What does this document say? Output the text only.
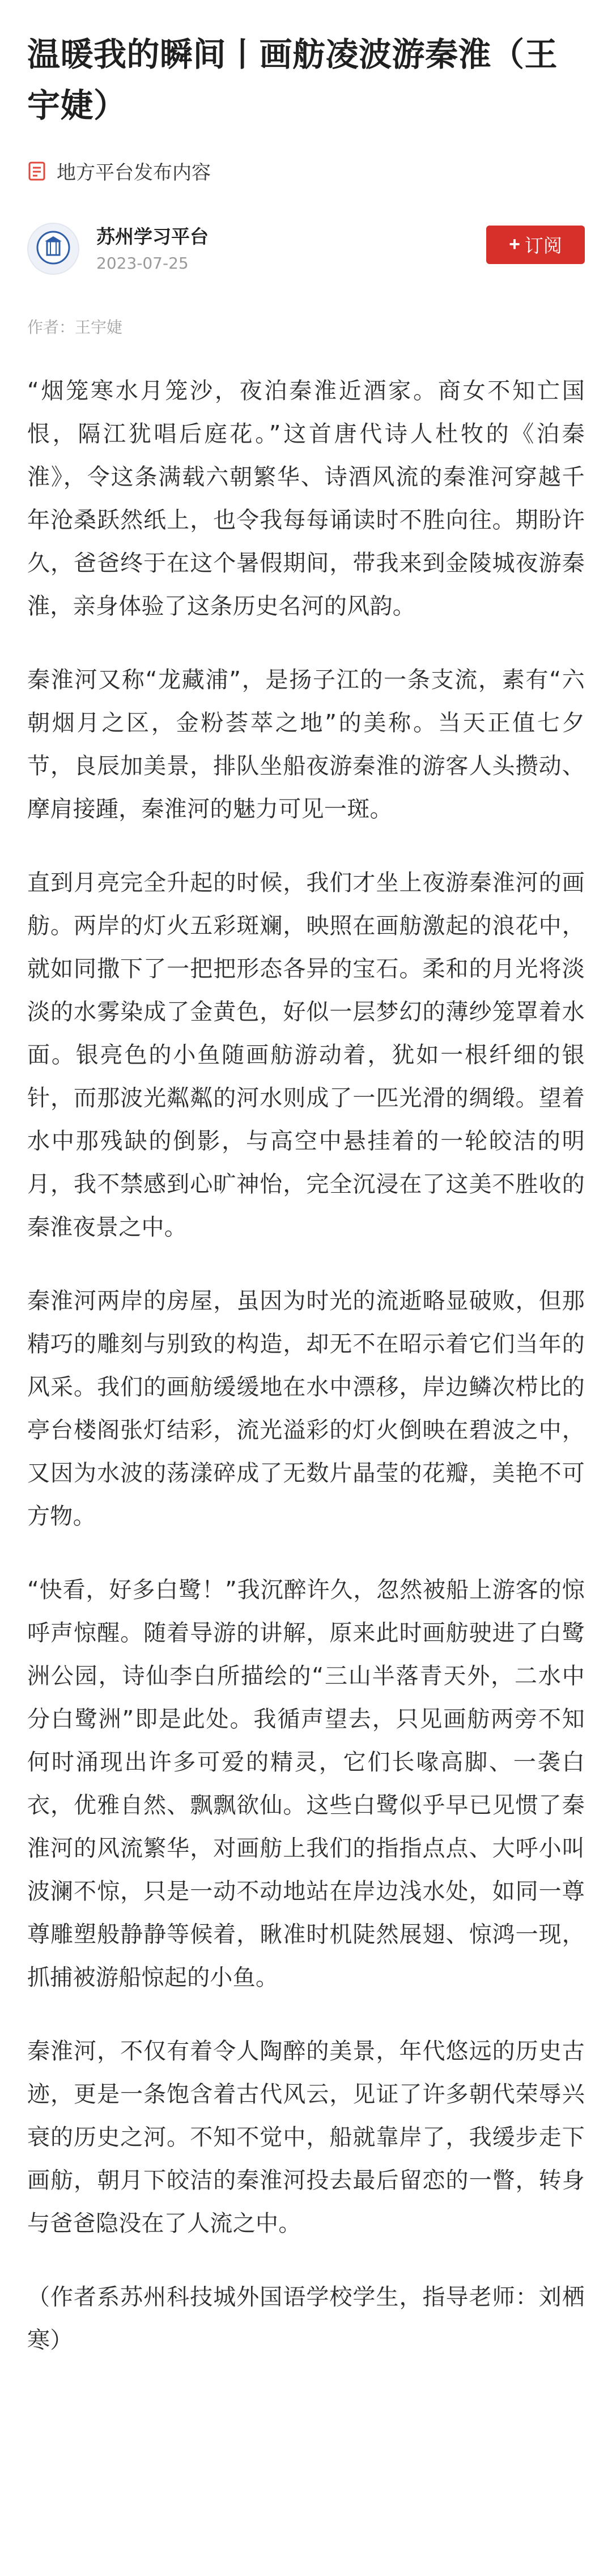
温暖我的瞬间丨画舫凌波游秦淮（王宇婕）
地方平台发布内容
苏州学习平台
2023-07-25
+ 订阅
作者： 王宇婕

“烟笼寒水月笼沙，夜泊秦淮近酒家。商女不知亡国恨，隔江犹唱后庭花。”这首唐代诗人杜牧的《泊秦淮》，令这条满载六朝繁华、诗酒风流的秦淮河穿越千年沧桑跃然纸上，也令我每每诵读时不胜向往。期盼许久，爸爸终于在这个暑假期间，带我来到金陵城夜游秦淮，亲身体验了这条历史名河的风韵。

秦淮河又称“龙藏浦”，是扬子江的一条支流，素有“六朝烟月之区，金粉荟萃之地”的美称。当天正值七夕节，良辰加美景，排队坐船夜游秦淮的游客人头攒动、摩肩接踵，秦淮河的魅力可见一斑。

直到月亮完全升起的时候，我们才坐上夜游秦淮河的画舫。两岸的灯火五彩斑斓，映照在画舫激起的浪花中，就如同撒下了一把把形态各异的宝石。柔和的月光将淡淡的水雾染成了金黄色，好似一层梦幻的薄纱笼罩着水面。银亮色的小鱼随画舫游动着，犹如一根纤细的银针，而那波光粼粼的河水则成了一匹光滑的绸缎。望着水中那残缺的倒影，与高空中悬挂着的一轮皎洁的明月，我不禁感到心旷神怡，完全沉浸在了这美不胜收的秦淮夜景之中。

秦淮河两岸的房屋，虽因为时光的流逝略显破败，但那精巧的雕刻与别致的构造，却无不在昭示着它们当年的风采。我们的画舫缓缓地在水中漂移，岸边鳞次栉比的亭台楼阁张灯结彩，流光溢彩的灯火倒映在碧波之中，又因为水波的荡漾碎成了无数片晶莹的花瓣，美艳不可方物。

“快看，好多白鹭！”我沉醉许久，忽然被船上游客的惊呼声惊醒。随着导游的讲解，原来此时画舫驶进了白鹭洲公园，诗仙李白所描绘的“三山半落青天外，二水中分白鹭洲”即是此处。我循声望去，只见画舫两旁不知何时涌现出许多可爱的精灵，它们长喙高脚、一袭白衣，优雅自然、飘飘欲仙。这些白鹭似乎早已见惯了秦淮河的风流繁华，对画舫上我们的指指点点、大呼小叫波澜不惊，只是一动不动地站在岸边浅水处，如同一尊尊雕塑般静静等候着，瞅准时机陡然展翅、惊鸿一现，抓捕被游船惊起的小鱼。

秦淮河，不仅有着令人陶醉的美景，年代悠远的历史古迹，更是一条饱含着古代风云，见证了许多朝代荣辱兴衰的历史之河。不知不觉中，船就靠岸了，我缓步走下画舫，朝月下皎洁的秦淮河投去最后留恋的一瞥，转身与爸爸隐没在了人流之中。

（作者系苏州科技城外国语学校学生，指导老师：刘栖寒）
